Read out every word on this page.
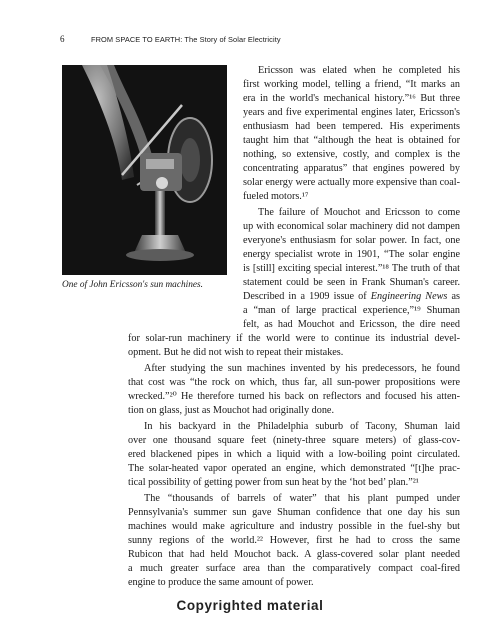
6	FROM SPACE TO EARTH: The Story of Solar Electricity
One of John Ericsson's sun machines.
Ericsson was elated when he completed his
first working model, telling a friend, “It marks an
era in the world's mechanical history.”¹⁶ But three
years and five experimental engines later, Ericsson's
enthusiasm had been tempered. His experiments
taught him that “although the heat is obtained for
nothing, so extensive, costly, and complex is the
concentrating apparatus” that engines powered by
solar energy were actually more expensive than coal-
fueled motors.¹⁷
The failure of Mouchot and Ericsson to come
up with economical solar machinery did not dampen
everyone's enthusiasm for solar power. In fact, one
energy specialist wrote in 1901, “The solar engine
is [still] exciting special interest.”¹⁸ The truth of that
statement could be seen in Frank Shuman's career.
Described in a 1909 issue of Engineering News as
a “man of large practical experience,”¹⁹ Shuman
felt, as had Mouchot and Ericsson, the dire need
for solar-run machinery if the world were to continue its industrial devel-
opment. But he did not wish to repeat their mistakes.
After studying the sun machines invented by his predecessors, he found
that cost was “the rock on which, thus far, all sun-power propositions were
wrecked.”²⁰ He therefore turned his back on reflectors and focused his atten-
tion on glass, just as Mouchot had originally done.
In his backyard in the Philadelphia suburb of Tacony, Shuman laid
over one thousand square feet (ninety-three square meters) of glass-cov-
ered blackened pipes in which a liquid with a low-boiling point circulated.
The solar-heated vapor operated an engine, which demonstrated “[t]he prac-
tical possibility of getting power from sun heat by the ‘hot bed’ plan.”²¹
The “thousands of barrels of water” that his plant pumped under
Pennsylvania's summer sun gave Shuman confidence that one day his sun
machines would make agriculture and industry possible in the fuel-shy but
sunny regions of the world.²² However, first he had to cross the same
Rubicon that had held Mouchot back. A glass-covered solar plant needed
a much greater surface area than the comparatively compact coal-fired
engine to produce the same amount of power.
Copyrighted material
